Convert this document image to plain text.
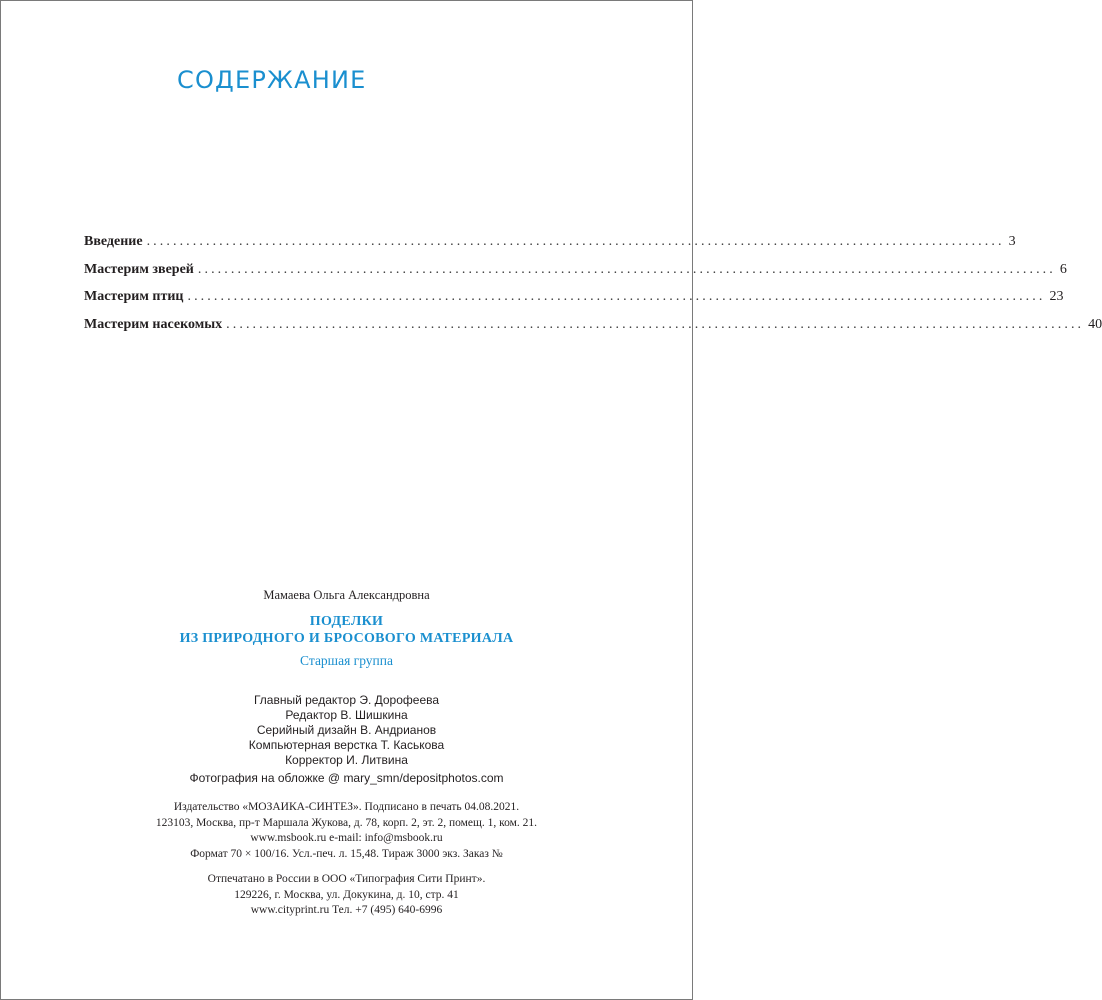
СОДЕРЖАНИЕ
Введение .................................................................................................................................. 3
Мастерим зверей .................................................................................................................................. 6
Мастерим птиц .................................................................................................................................. 23
Мастерим насекомых .................................................................................................................................. 40
Мамаева Ольга Александровна
ПОДЕЛКИ
ИЗ ПРИРОДНОГО И БРОСОВОГО МАТЕРИАЛА
Старшая группа
Главный редактор Э. Дорофеева
Редактор В. Шишкина
Серийный дизайн В. Андрианов
Компьютерная верстка Т. Каськова
Корректор И. Литвина
Фотография на обложке @ mary_smn/depositphotos.com
Издательство «МОЗАИКА-СИНТЕЗ». Подписано в печать 04.08.2021.
123103, Москва, пр-т Маршала Жукова, д. 78, корп. 2, эт. 2, помещ. 1, ком. 21.
www.msbook.ru e-mail: info@msbook.ru
Формат 70 × 100/16. Усл.-печ. л. 15,48. Тираж 3000 экз. Заказ №
Отпечатано в России в ООО «Типография Сити Принт».
129226, г. Москва, ул. Докукина, д. 10, стр. 41
www.cityprint.ru Тел. +7 (495) 640-6996
